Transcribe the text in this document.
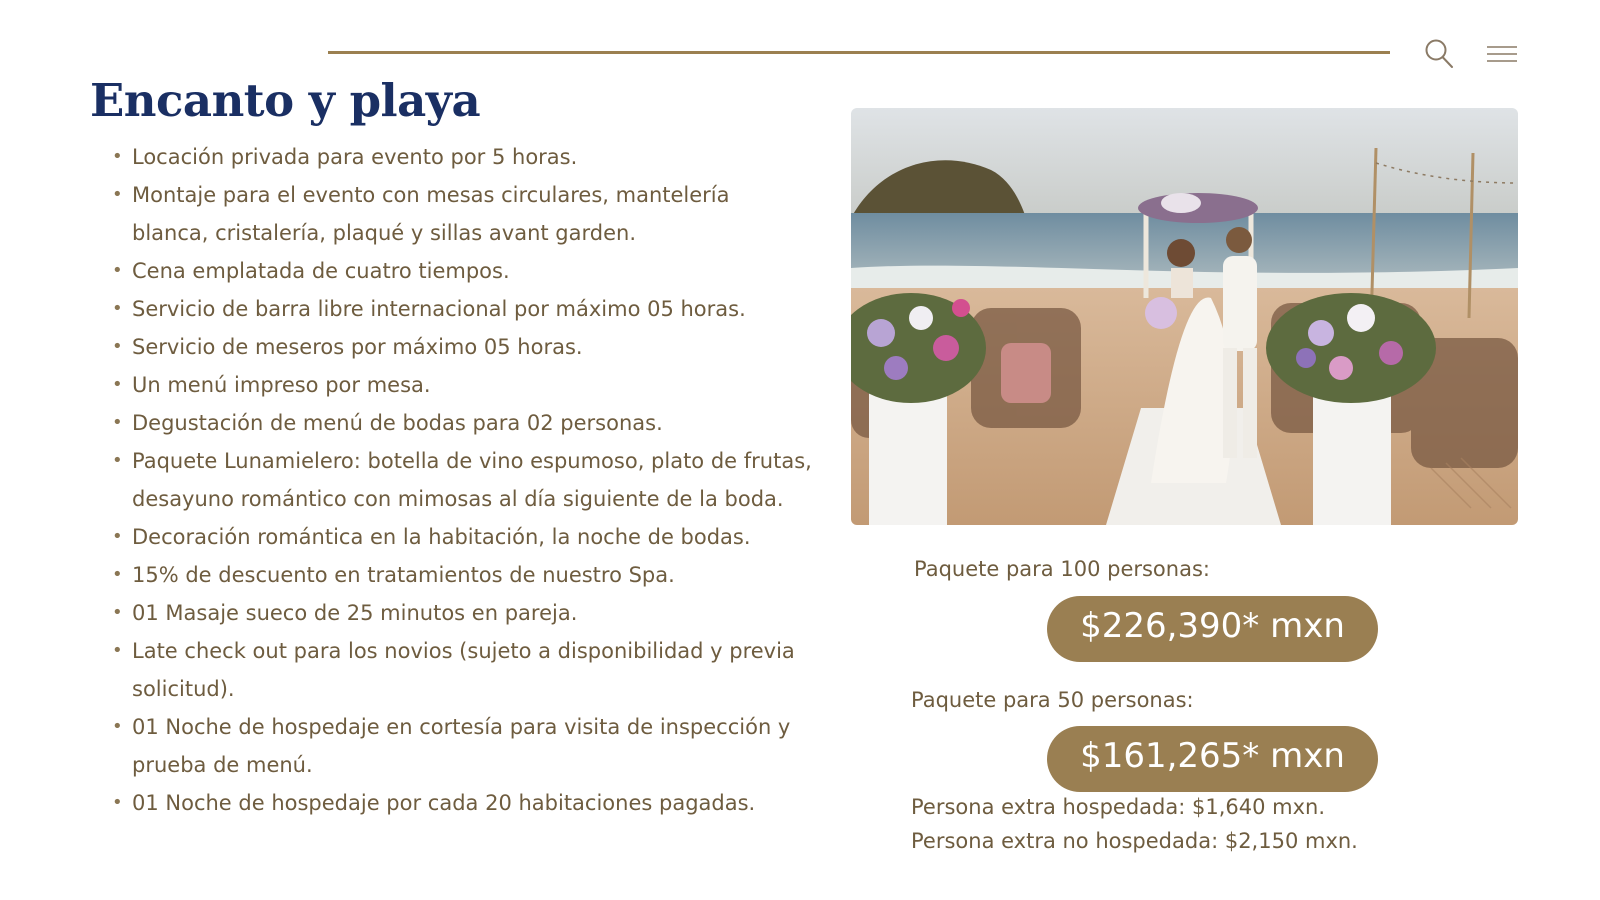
Encanto y playa
• Locación privada para evento por 5 horas.
• Montaje para el evento con mesas circulares, mantelería blanca, cristalería, plaqué y sillas avant garden.
• Cena emplatada de cuatro tiempos.
• Servicio de barra libre internacional por máximo 05 horas.
• Servicio de meseros por máximo 05 horas.
• Un menú impreso por mesa.
• Degustación de menú de bodas para 02 personas.
• Paquete Lunamielero: botella de vino espumoso, plato de frutas, desayuno romántico con mimosas al día siguiente de la boda.
• Decoración romántica en la habitación, la noche de bodas.
• 15% de descuento en tratamientos de nuestro Spa.
• 01 Masaje sueco de 25 minutos en pareja.
• Late check out para los novios (sujeto a disponibilidad y previa solicitud).
• 01 Noche de hospedaje en cortesía para visita de inspección y prueba de menú.
• 01 Noche de hospedaje por cada 20 habitaciones pagadas.

Paquete para 100 personas:

$226,390* mxn

Paquete para 50 personas:

$161,265* mxn

Persona extra hospedada: $1,640 mxn.

Persona extra no hospedada: $2,150 mxn.
